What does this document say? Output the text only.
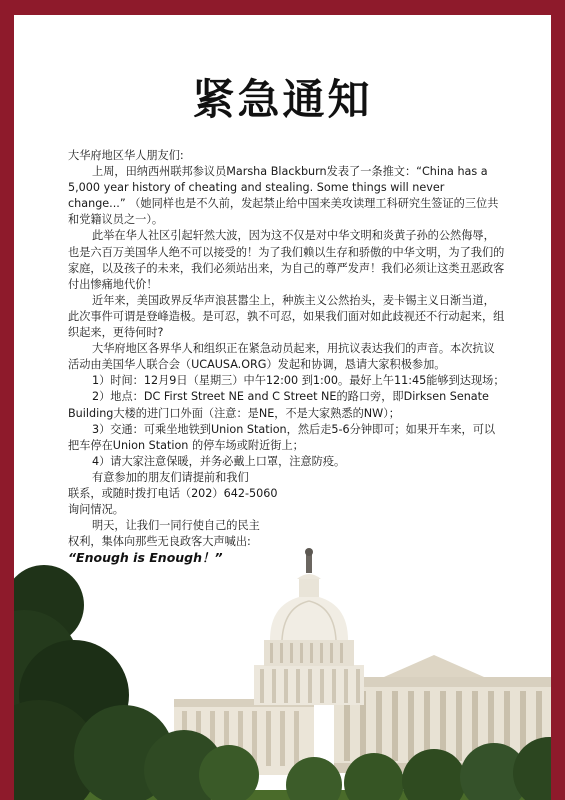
紧急通知

大华府地区华人朋友们:

上周，田纳西州联邦参议员Marsha Blackburn发表了一条推文：“China has a 5,000 year history of cheating and stealing. Some things will never change...” （她同样也是不久前，发起禁止给中国来美攻读理工科研究生签证的三位共和党籍议员之一）。

此举在华人社区引起轩然大波，因为这不仅是对中华文明和炎黄子孙的公然侮辱，也是六百万美国华人绝不可以接受的！为了我们赖以生存和骄傲的中华文明，为了我们的家庭，以及孩子的未来，我们必须站出来，为自己的尊严发声！我们必须让这类丑恶政客付出惨痛地代价！

近年来，美国政界反华声浪甚嚣尘上，种族主义公然抬头，麦卡锡主义日渐当道，此次事件可谓是登峰造极。是可忍，孰不可忍，如果我们面对如此歧视还不行动起来，组织起来，更待何时?

大华府地区各界华人和组织正在紧急动员起来，用抗议表达我们的声音。本次抗议活动由美国华人联合会（UCAUSA.ORG）发起和协调，恳请大家积极参加。

1）时间：12月9日（星期三）中午12:00 到1:00。最好上午11:45能够到达现场；

2）地点：DC First Street NE and C Street NE的路口旁，即Dirksen Senate Building大楼的进门口外面（注意：是NE，不是大家熟悉的NW）；

3）交通：可乘坐地铁到Union Station，然后走5-6分钟即可；如果开车来，可以把车停在Union Station 的停车场或附近街上；

4）请大家注意保暖，并务必戴上口罩，注意防疫。

有意参加的朋友们请提前和我们

联系，或随时拨打电话（202）642-5060

询问情况。

明天，让我们一同行使自己的民主

权利，集体向那些无良政客大声喊出:

“Enough is Enough！”
